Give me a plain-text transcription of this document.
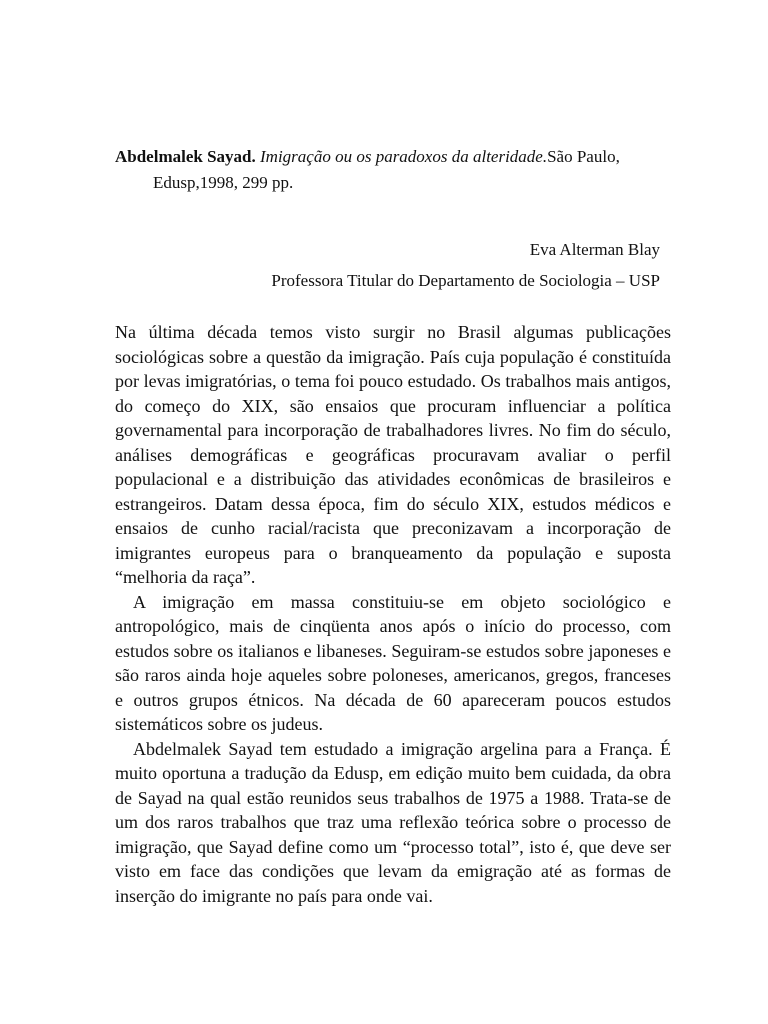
Abdelmalek Sayad. Imigração ou os paradoxos da alteridade.São Paulo,
Edusp,1998, 299 pp.
Eva Alterman Blay
Professora Titular do Departamento de Sociologia – USP

Na última década temos visto surgir no Brasil algumas publicações sociológicas sobre a questão da imigração. País cuja população é constituída por levas imigratórias, o tema foi pouco estudado. Os trabalhos mais antigos, do começo do XIX, são ensaios que procuram influenciar a política governamental para incorporação de trabalhadores livres. No fim do século, análises demográficas e geográficas procuravam avaliar o perfil populacional e a distribuição das atividades econômicas de brasileiros e estrangeiros. Datam dessa época, fim do século XIX, estudos médicos e ensaios de cunho racial/racista que preconizavam a incorporação de imigrantes europeus para o branqueamento da população e suposta “melhoria da raça”.

A imigração em massa constituiu-se em objeto sociológico e antropológico, mais de cinqüenta anos após o início do processo, com estudos sobre os italianos e libaneses. Seguiram-se estudos sobre japoneses e são raros ainda hoje aqueles sobre poloneses, americanos, gregos, franceses e outros grupos étnicos. Na década de 60 apareceram poucos estudos sistemáticos sobre os judeus.

Abdelmalek Sayad tem estudado a imigração argelina para a França. É muito oportuna a tradução da Edusp, em edição muito bem cuidada, da obra de Sayad na qual estão reunidos seus trabalhos de 1975 a 1988. Trata-se de um dos raros trabalhos que traz uma reflexão teórica sobre o processo de imigração, que Sayad define como um “processo total”, isto é, que deve ser visto em face das condições que levam da emigração até as formas de inserção do imigrante no país para onde vai.
